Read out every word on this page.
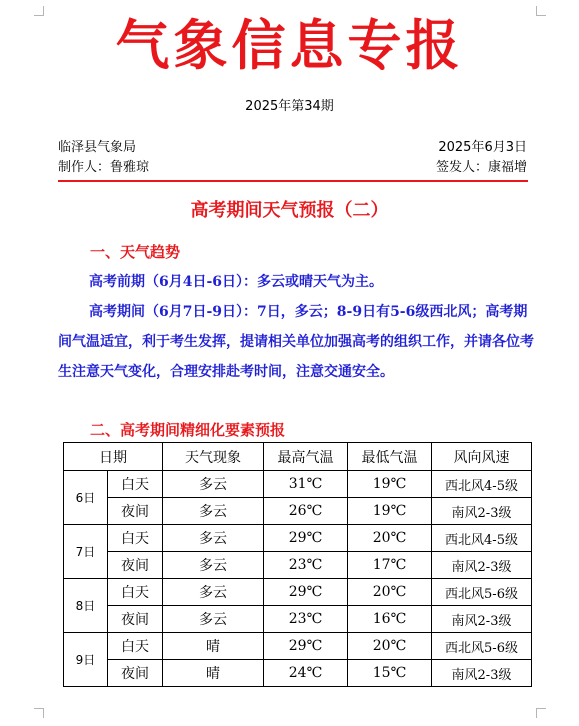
气象信息专报
2025年第34期
临泽县气象局	2025年6月3日
制作人：鲁雅琼	签发人：康福增
高考期间天气预报（二）
一、天气趋势

高考前期（6月4日-6日）：多云或晴天气为主。

高考期间（6月7日-9日）：7日，多云；8-9日有5-6级西北风；高考期间气温适宜，利于考生发挥，提请相关单位加强高考的组织工作，并请各位考生注意天气变化，合理安排赴考时间，注意交通安全。

二、高考期间精细化要素预报
日期		天气现象	最高气温	最低气温	风向风速
6日	白天	多云	31℃	19℃	西北风4-5级
	夜间	多云	26℃	19℃	南风2-3级
7日	白天	多云	29℃	20℃	西北风4-5级
	夜间	多云	23℃	17℃	南风2-3级
8日	白天	多云	29℃	20℃	西北风5-6级
	夜间	多云	23℃	16℃	南风2-3级
9日	白天	晴	29℃	20℃	西北风5-6级
	夜间	晴	24℃	15℃	南风2-3级
